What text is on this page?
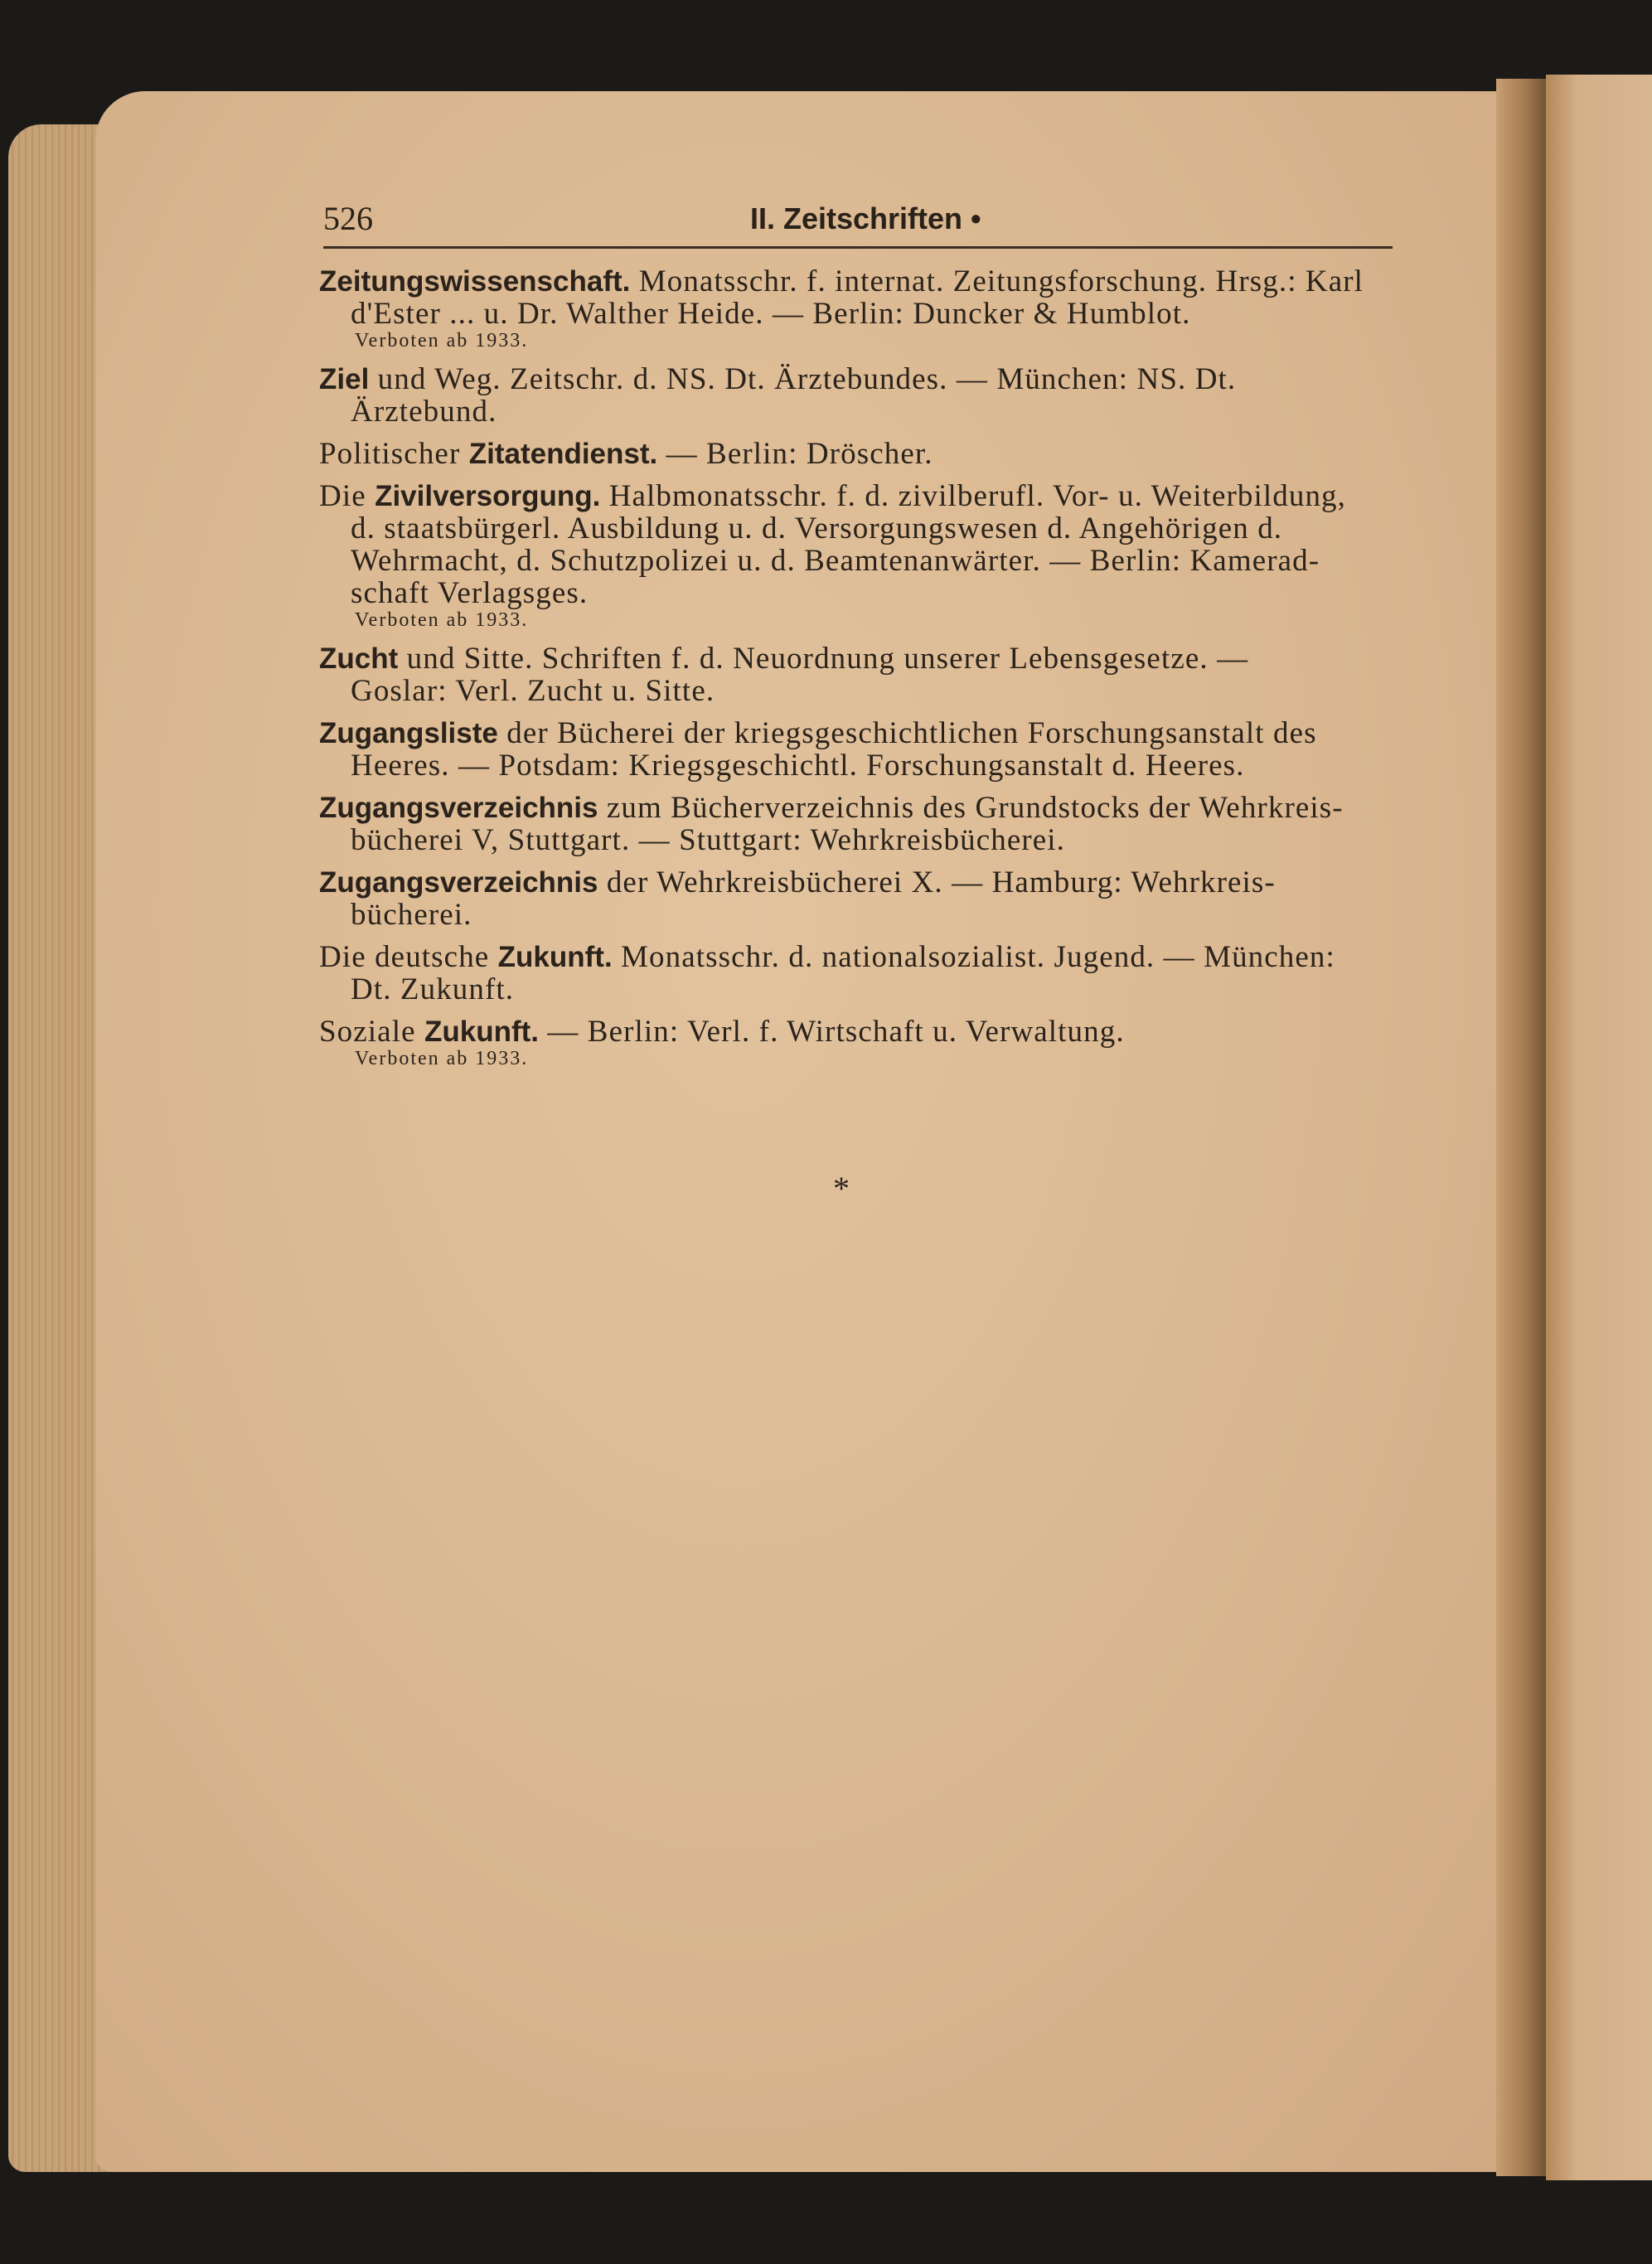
526	II. Zeitschriften •
Zeitungswissenschaft. Monatsschr. f. internat. Zeitungsforschung. Hrsg.: Karl
d'Ester ... u. Dr. Walther Heide. — Berlin: Duncker & Humblot.
Verboten ab 1933.
Ziel und Weg. Zeitschr. d. NS. Dt. Ärztebundes. — München: NS. Dt.
Ärztebund.
Politischer Zitatendienst. — Berlin: Dröscher.
Die Zivilversorgung. Halbmonatsschr. f. d. zivilberufl. Vor- u. Weiterbildung,
d. staatsbürgerl. Ausbildung u. d. Versorgungswesen d. Angehörigen d.
Wehrmacht, d. Schutzpolizei u. d. Beamtenanwärter. — Berlin: Kamerad-
schaft Verlagsges.
Verboten ab 1933.
Zucht und Sitte. Schriften f. d. Neuordnung unserer Lebensgesetze. —
Goslar: Verl. Zucht u. Sitte.
Zugangsliste der Bücherei der kriegsgeschichtlichen Forschungsanstalt des
Heeres. — Potsdam: Kriegsgeschichtl. Forschungsanstalt d. Heeres.
Zugangsverzeichnis zum Bücherverzeichnis des Grundstocks der Wehrkreis-
bücherei V, Stuttgart. — Stuttgart: Wehrkreisbücherei.
Zugangsverzeichnis der Wehrkreisbücherei X. — Hamburg: Wehrkreis-
bücherei.
Die deutsche Zukunft. Monatsschr. d. nationalsozialist. Jugend. — München:
Dt. Zukunft.
Soziale Zukunft. — Berlin: Verl. f. Wirtschaft u. Verwaltung.
Verboten ab 1933.
*
